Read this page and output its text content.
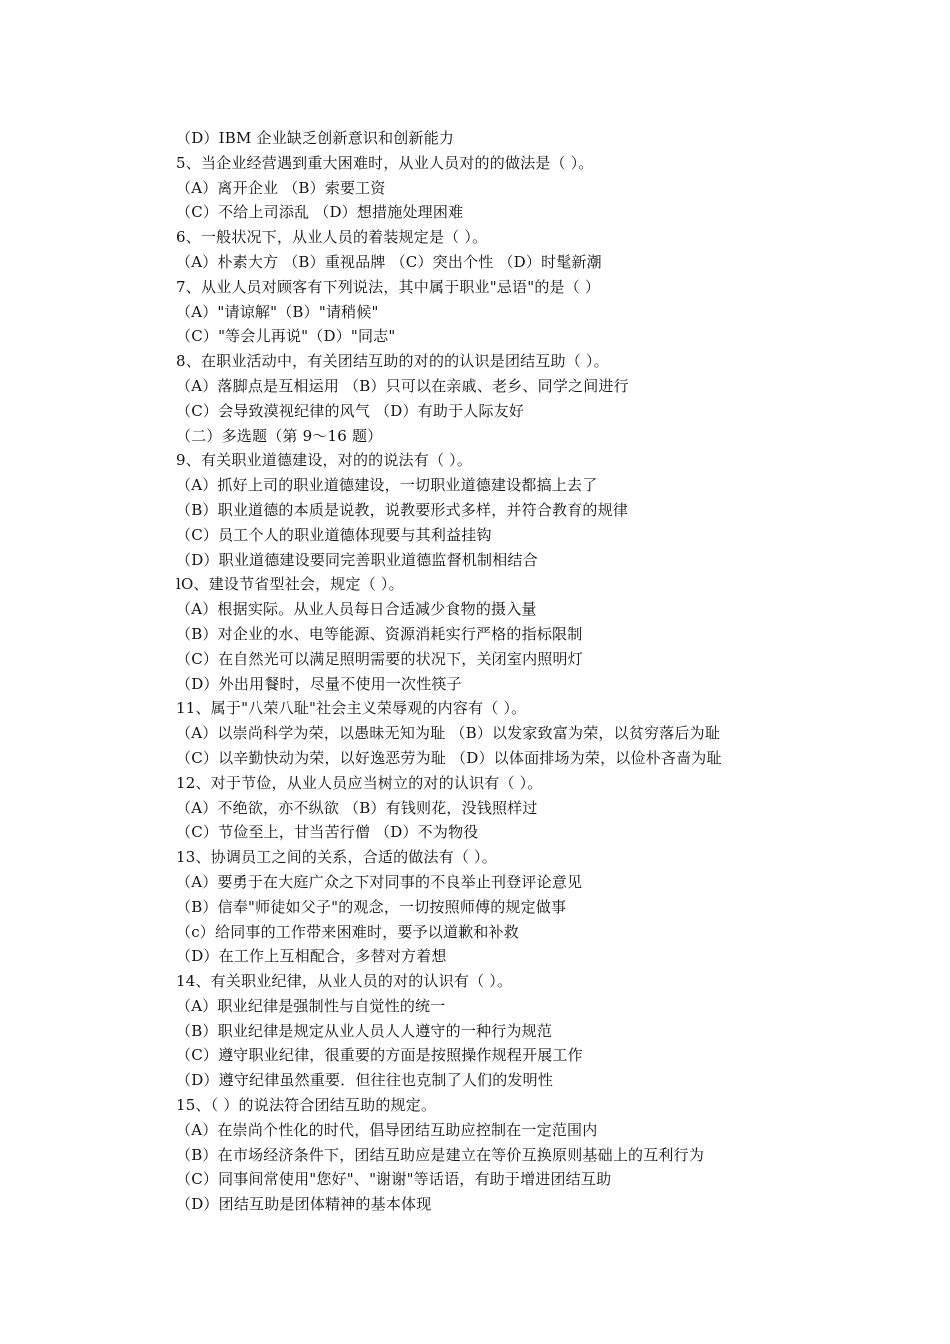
（D）IBM 企业缺乏创新意识和创新能力
5、当企业经营遇到重大困难时，从业人员对的的做法是（ ）。
（A）离开企业 （B）索要工资
（C）不给上司添乱 （D）想措施处理困难
6、一般状况下，从业人员的着装规定是（ ）。
（A）朴素大方 （B）重视品牌 （C）突出个性 （D）时髦新潮
7、从业人员对顾客有下列说法，其中属于职业"忌语"的是（ ）
（A）"请谅解"（B）"请稍候"
（C）"等会儿再说"（D）"同志"
8、在职业活动中，有关团结互助的对的的认识是团结互助（ ）。
（A）落脚点是互相运用 （B）只可以在亲戚、老乡、同学之间进行
（C）会导致漠视纪律的风气 （D）有助于人际友好
（二）多选题（第 9～16 题）
9、有关职业道德建设，对的的说法有（ ）。
（A）抓好上司的职业道德建设，一切职业道德建设都搞上去了
（B）职业道德的本质是说教，说教要形式多样，并符合教育的规律
（C）员工个人的职业道德体现要与其利益挂钩
（D）职业道德建设要同完善职业道德监督机制相结合
lO、建设节省型社会，规定（ ）。
（A）根据实际。从业人员每日合适减少食物的摄入量
（B）对企业的水、电等能源、资源消耗实行严格的指标限制
（C）在自然光可以满足照明需要的状况下，关闭室内照明灯
（D）外出用餐时，尽量不使用一次性筷子
11、属于"八荣八耻"社会主义荣辱观的内容有（ ）。
（A）以崇尚科学为荣，以愚昧无知为耻 （B）以发家致富为荣，以贫穷落后为耻
（C）以辛勤快动为荣，以好逸恶劳为耻 （D）以体面排场为荣，以俭朴吝啬为耻
12、对于节俭，从业人员应当树立的对的认识有（ ）。
（A）不绝欲，亦不纵欲 （B）有钱则花，没钱照样过
（C）节俭至上，甘当苦行僧 （D）不为物役
13、协调员工之间的关系，合适的做法有（ ）。
（A）要勇于在大庭广众之下对同事的不良举止刊登评论意见
（B）信奉"师徒如父子"的观念，一切按照师傅的规定做事
（c）给同事的工作带来困难时，要予以道歉和补救
（D）在工作上互相配合，多替对方着想
14、有关职业纪律，从业人员的对的认识有（ ）。
（A）职业纪律是强制性与自觉性的统一
（B）职业纪律是规定从业人员人人遵守的一种行为规范
（C）遵守职业纪律，很重要的方面是按照操作规程开展工作
（D）遵守纪律虽然重要．但往往也克制了人们的发明性
15、（ ）的说法符合团结互助的规定。
（A）在崇尚个性化的时代，倡导团结互助应控制在一定范围内
（B）在市场经济条件下，团结互助应是建立在等价互换原则基础上的互利行为
（C）同事间常使用"您好"、"谢谢"等话语，有助于增进团结互助
（D）团结互助是团体精神的基本体现
